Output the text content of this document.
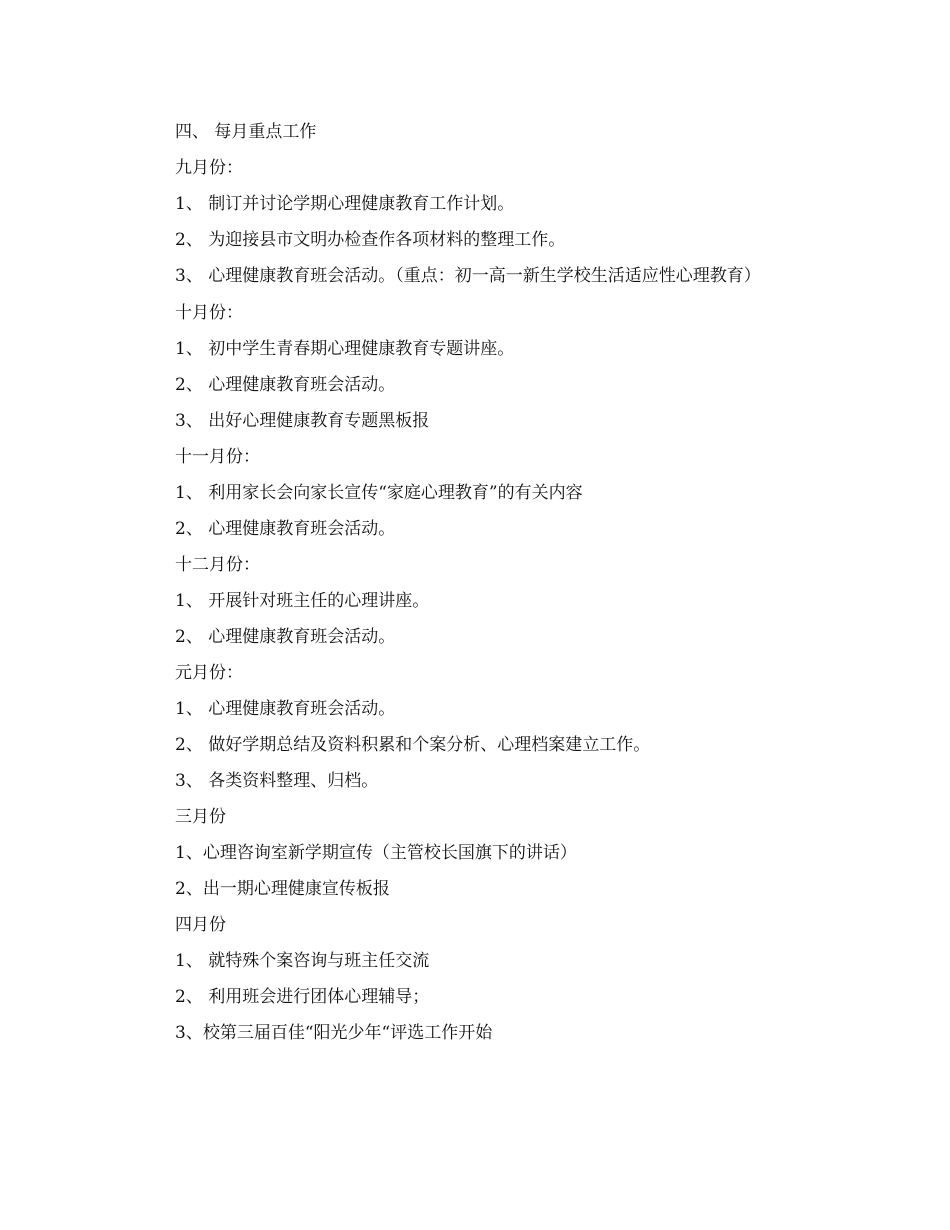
四、 每月重点工作
九月份：
1、 制订并讨论学期心理健康教育工作计划。
2、 为迎接县市文明办检查作各项材料的整理工作。
3、 心理健康教育班会活动。（重点：初一高一新生学校生活适应性心理教育）
十月份：
1、 初中学生青春期心理健康教育专题讲座。
2、 心理健康教育班会活动。
3、 出好心理健康教育专题黑板报
十一月份：
1、 利用家长会向家长宣传“家庭心理教育”的有关内容
2、 心理健康教育班会活动。
十二月份：
1、 开展针对班主任的心理讲座。
2、 心理健康教育班会活动。
元月份：
1、 心理健康教育班会活动。
2、 做好学期总结及资料积累和个案分析、心理档案建立工作。
3、 各类资料整理、归档。
三月份
1、心理咨询室新学期宣传（主管校长国旗下的讲话）
2、出一期心理健康宣传板报
四月份
1、 就特殊个案咨询与班主任交流
2、 利用班会进行团体心理辅导；
3、校第三届百佳“阳光少年“评选工作开始
